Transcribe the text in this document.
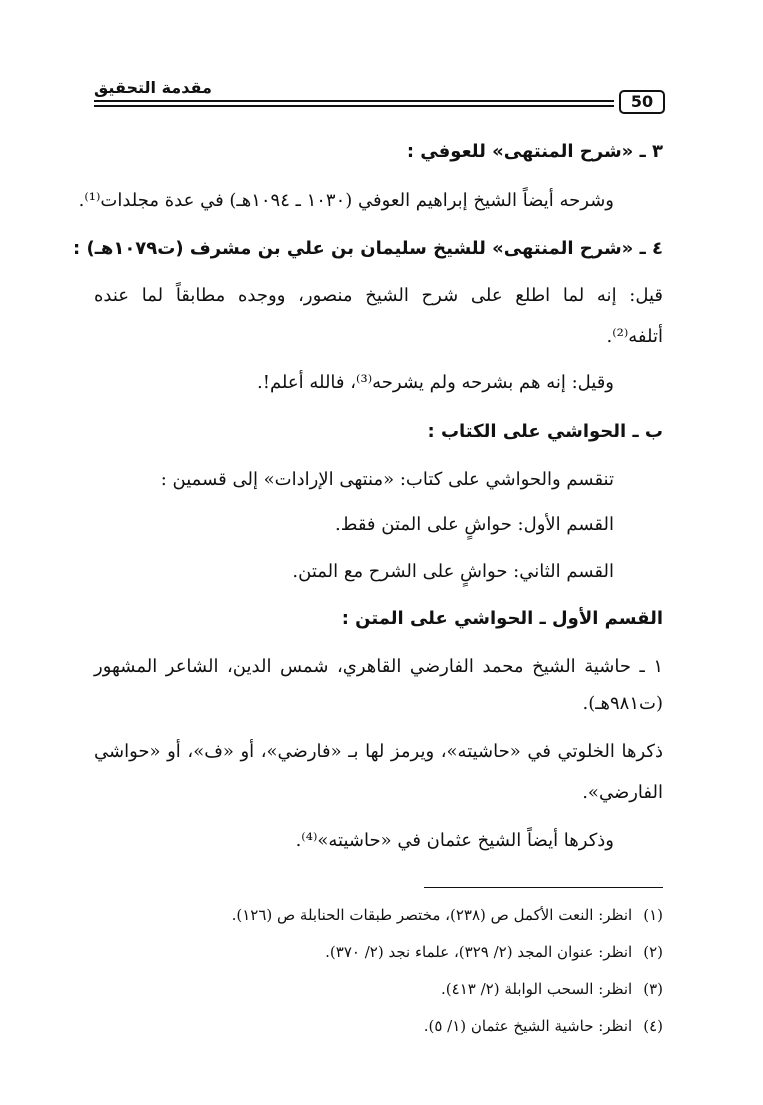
مقدمة التحقيق
50
٣ ـ «شرح المنتهى» للعوفي :
وشرحه أيضاً الشيخ إبراهيم العوفي (١٠٣٠ ـ ١٠٩٤هـ) في عدة مجلدات⁽¹⁾.
٤ ـ «شرح المنتهى» للشيخ سليمان بن علي بن مشرف (ت١٠٧٩هـ) :
قيل: إنه لما اطلع على شرح الشيخ منصور، ووجده مطابقاً لما عنده
أتلفه⁽²⁾.
وقيل: إنه هم بشرحه ولم يشرحه⁽³⁾، فالله أعلم!.
ب ـ الحواشي على الكتاب :
تنقسم والحواشي على كتاب: «منتهى الإرادات» إلى قسمين :
القسم الأول: حواشٍ على المتن فقط.
القسم الثاني: حواشٍ على الشرح مع المتن.
القسم الأول ـ الحواشي على المتن :
١ ـ حاشية الشيخ محمد الفارضي القاهري، شمس الدين، الشاعر المشهور
(ت٩٨١هـ).
ذكرها الخلوتي في «حاشيته»، ويرمز لها بـ «فارضي»، أو «ف»، أو «حواشي
الفارضي».
وذكرها أيضاً الشيخ عثمان في «حاشيته»⁽⁴⁾.
(١) انظر: النعت الأكمل ص (٢٣٨)، مختصر طبقات الحنابلة ص (١٢٦).
(٢) انظر: عنوان المجد (٢/ ٣٢٩)، علماء نجد (٢/ ٣٧٠).
(٣) انظر: السحب الوابلة (٢/ ٤١٣).
(٤) انظر: حاشية الشيخ عثمان (١/ ٥).
